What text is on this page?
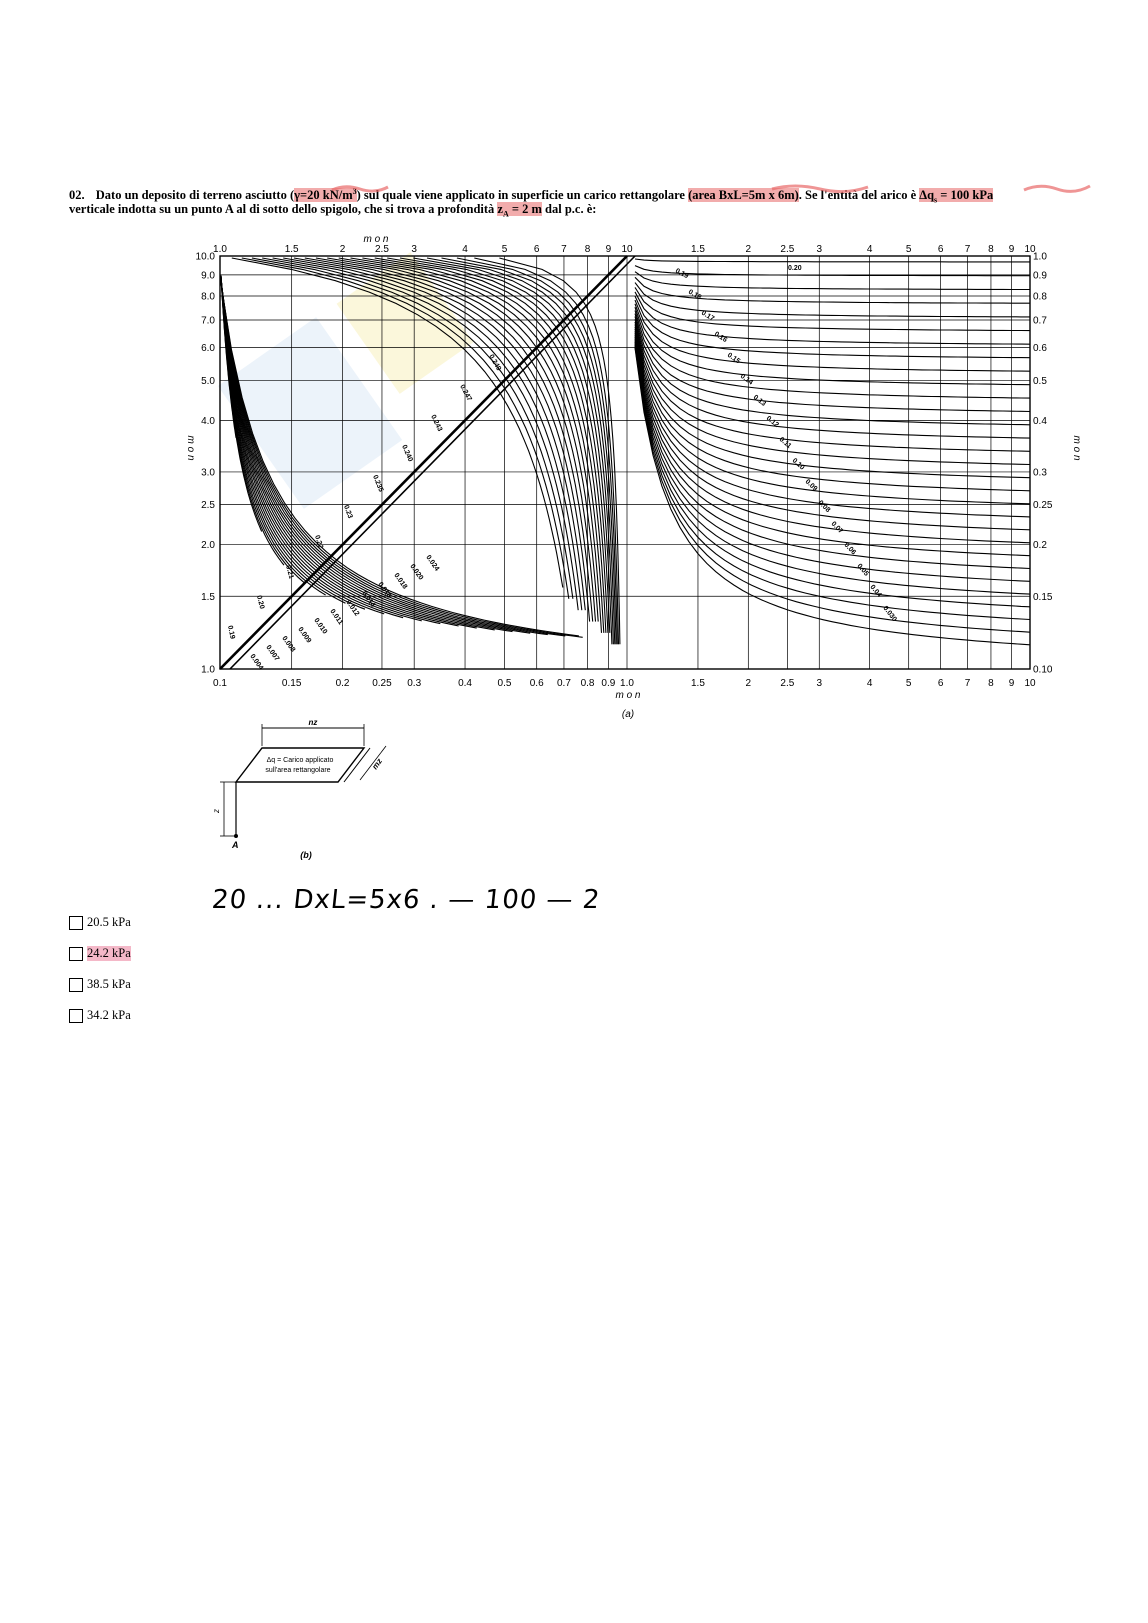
02. Dato un deposito di terreno asciutto (γ=20 $kN/m^3$) sul quale viene applicato in superficie un carico rettangolare (area BxL=5m x 6m). Se l'entità del arico è $\Delta q_s = 100$ kPa
verticale indotta su un punto A al di sotto dello spigolo, che si trova a profondità $z_A = 2$ m dal p.c. è:
0.1	0.15	0.2 0.25 0.3	0.4	0.5 0.6 0.7 0.8 0.9 1.0	1.5	2	2.5 3	4	5	6 7 8 9 10
1.0	1.5	2	2.5 3	4	5	6 7 8 9 10	1.5	2	2.5 3	4	5	6 7 8 9 10
10.0
9.0
8.0
7.0
6.0
5.0
4.0
3.0
2.5
2.0
1.5
1.0
1.0
0.9
0.8
0.7
0.6
0.5
0.4
0.3
0.25
0.2
0.15
0.10
0.19
0.20
0.21
0.22
0.23
0.235
0.240
0.243
0.247
0.249
0.004 0.007 0.008 0.009 0.010 0.011 0.012 0.014 0.016 0.018 0.020 0.024
0.19
0.18
0.17
0.16
0.15
0.14
0.13
0.12
0.11
0.10
0.09
0.08
0.07
0.06
0.05
0.04
0.030
0.20
m o n
(a)
m o n
m o n	m o n
nz
mz
Δq = Carico applicato
sull'area rettangolare
z
A
(b)
20.5 kPa
24.2 kPa
38.5 kPa
34.2 kPa
20 ... DxL=5x6 . — 100 — 2
